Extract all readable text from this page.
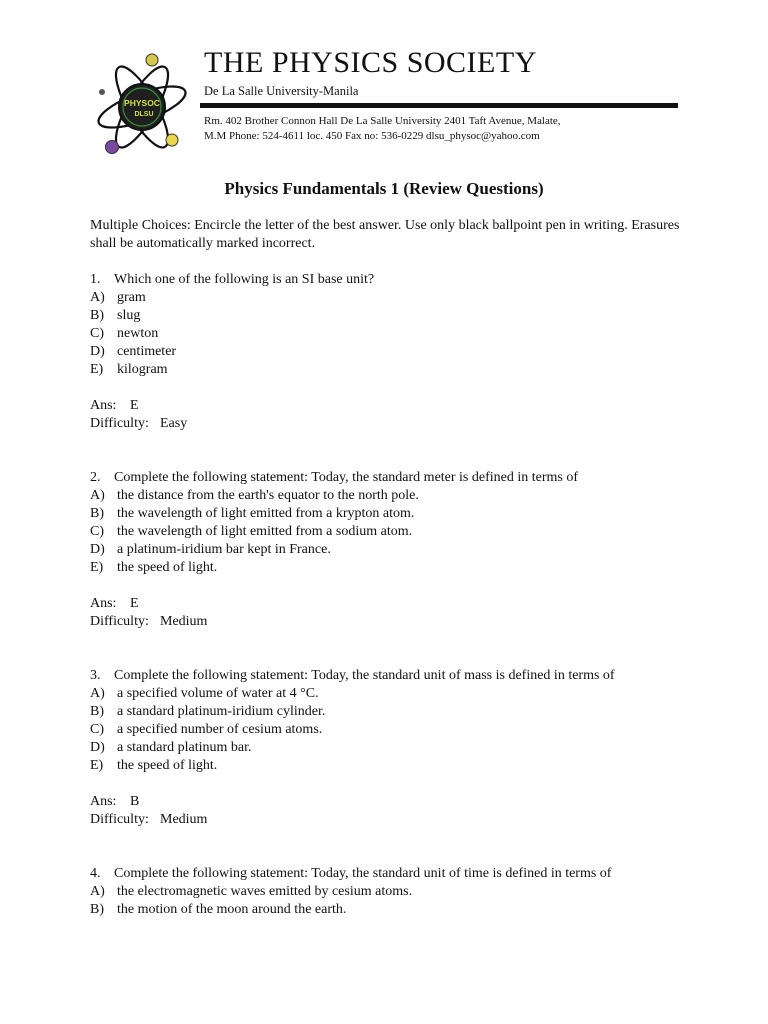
PHYSOC
DLSU
THE PHYSICS SOCIETY
De La Salle University-Manila
Rm. 402 Brother Connon Hall De La Salle University 2401 Taft Avenue, Malate,
M.M Phone: 524-4611 loc. 450 Fax no: 536-0229 dlsu_physoc@yahoo.com
Physics Fundamentals 1 (Review Questions)

Multiple Choices: Encircle the letter of the best answer. Use only black ballpoint pen in writing. Erasures shall be automatically marked incorrect.

1. Which one of the following is an SI base unit?
A) gram
B) slug
C) newton
D) centimeter
E) kilogram
Ans: E
Difficulty: Easy
2. Complete the following statement: Today, the standard meter is defined in terms of
A) the distance from the earth's equator to the north pole.
B) the wavelength of light emitted from a krypton atom.
C) the wavelength of light emitted from a sodium atom.
D) a platinum-iridium bar kept in France.
E) the speed of light.
Ans: E
Difficulty: Medium
3. Complete the following statement: Today, the standard unit of mass is defined in terms of
A) a specified volume of water at 4 °C.
B) a standard platinum-iridium cylinder.
C) a specified number of cesium atoms.
D) a standard platinum bar.
E) the speed of light.
Ans: B
Difficulty: Medium
4. Complete the following statement: Today, the standard unit of time is defined in terms of
A) the electromagnetic waves emitted by cesium atoms.
B) the motion of the moon around the earth.
